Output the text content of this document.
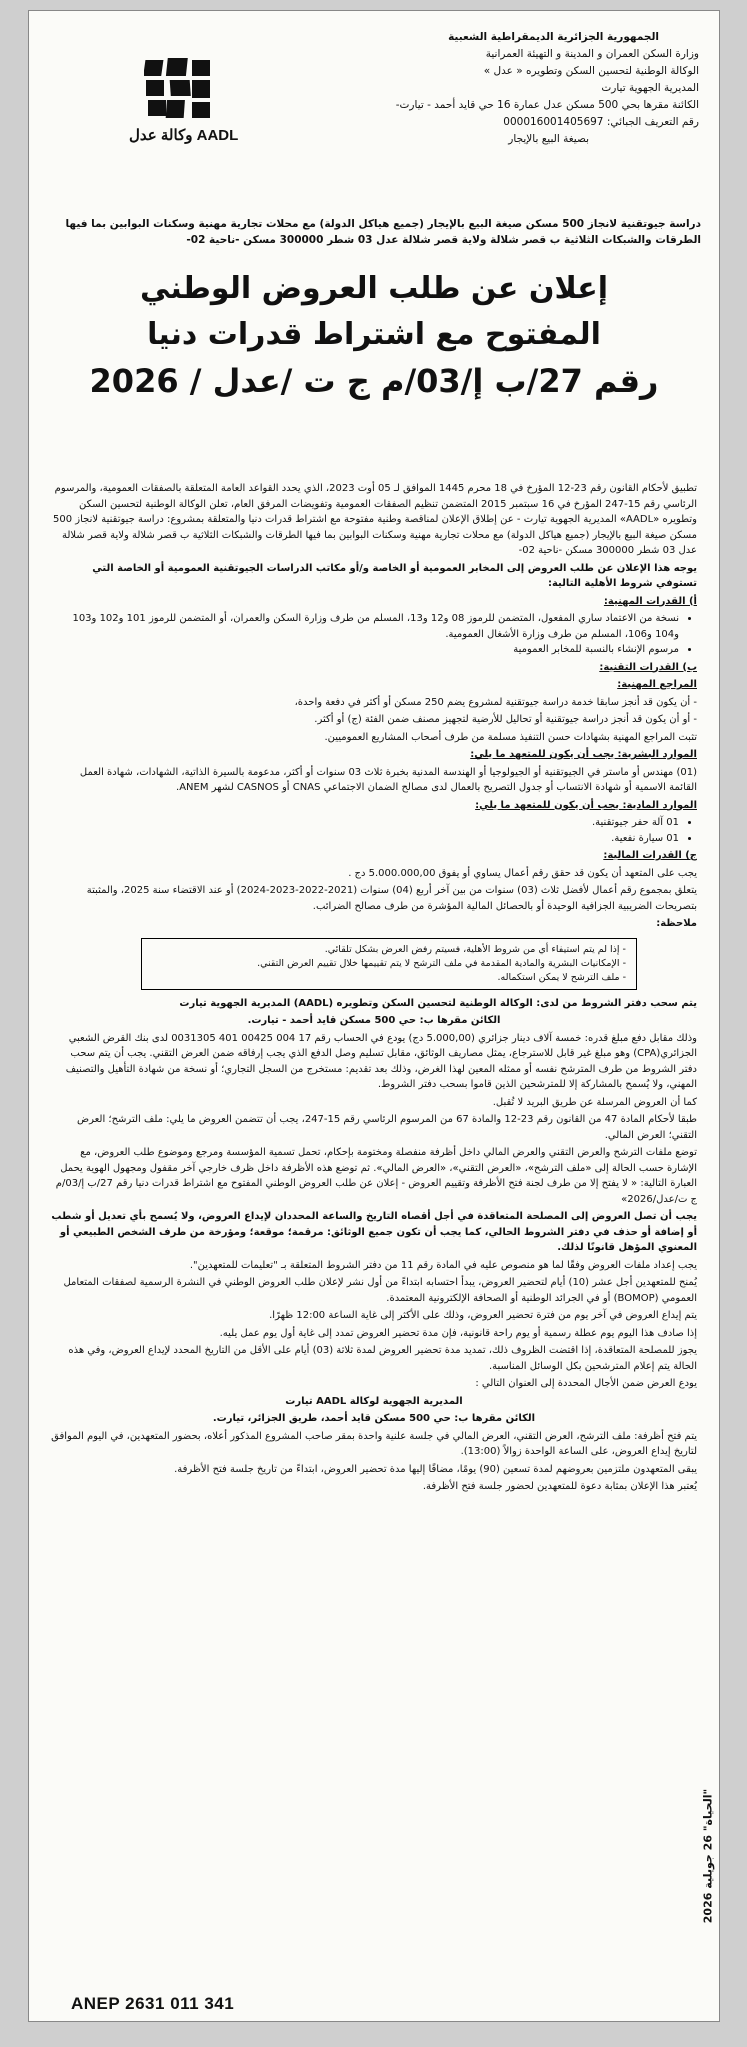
الجمهورية الجزائرية الديمقراطية الشعبية
وزارة السكن العمران و المدينة و التهيئة العمرانية
الوكالة الوطنية لتحسين السكن وتطويره « عدل »
المديرية الجهوية تيارت
الكائنة مقرها بحي 500 مسكن عدل عمارة 16 حي قايد أحمد - تيارت-
رقم التعريف الجبائي: 000016001405697
بصيغة البيع بالإيجار
وكالة عدل AADL
دراسة جيوتقنية لانجاز 500 مسكن صيغة البيع بالإيجار (جميع هياكل الدولة) مع محلات تجارية مهنية وسكنات البوابين بما فيها الطرقات والشبكات الثلاثية ب قصر شلالة ولاية قصر شلالة عدل 03 شطر 300000 مسكن -ناحية 02-
إعلان عن طلب العروض الوطني
المفتوح مع اشتراط قدرات دنيا
رقم 27/ب إ/03/م ج ت /عدل / 2026

تطبيق لأحكام القانون رقم 23-12 المؤرخ في 18 محرم 1445 الموافق لـ 05 أوت 2023، الذي يحدد القواعد العامة المتعلقة بالصفقات العمومية، والمرسوم الرئاسي رقم 15-247 المؤرخ في 16 سبتمبر 2015 المتضمن تنظيم الصفقات العمومية وتفويضات المرفق العام، تعلن الوكالة الوطنية لتحسين السكن وتطويره «AADL» المديرية الجهوية تيارت - عن إطلاق الإعلان لمناقصة وطنية مفتوحة مع اشتراط قدرات دنيا والمتعلقة بمشروع: دراسة جيوتقنية لانجاز 500 مسكن صيغة البيع بالإيجار (جميع هياكل الدولة) مع محلات تجارية مهنية وسكنات البوابين بما فيها الطرقات والشبكات الثلاثية ب قصر شلالة ولاية قصر شلالة عدل 03 شطر 300000 مسكن -ناحية 02-

يوجه هذا الإعلان عن طلب العروض إلى المخابر العمومية أو الخاصة و/أو مكاتب الدراسات الجيوتقنية العمومية أو الخاصة التي تستوفي شروط الأهلية التالية:

أ) القدرات المهنية:
• نسخة من الاعتماد ساري المفعول، المتضمن للرموز 08 و12 و13، المسلم من طرف وزارة السكن والعمران، أو المتضمن للرموز 101 و102 و103 و104 و106، المسلم من طرف وزارة الأشغال العمومية.
• مرسوم الإنشاء بالنسبة للمخابر العمومية
ب) القدرات التقنية:
المراجع المهنية:

- أن يكون قد أنجز سابقا خدمة دراسة جيوتقنية لمشروع يضم 250 مسكن أو أكثر في دفعة واحدة،

- أو أن يكون قد أنجز دراسة جيوتقنية أو تحاليل للأرضية لتجهيز مصنف ضمن الفئة (ج) أو أكثر.

تثبت المراجع المهنية بشهادات حسن التنفيذ مسلمة من طرف أصحاب المشاريع العموميين.

الموارد البشرية: يجب أن يكون للمتعهد ما يلي:

(01) مهندس أو ماستر في الجيوتقنية أو الجيولوجيا أو الهندسة المدنية بخبرة ثلاث 03 سنوات أو أكثر، مدعومة بالسيرة الذاتية، الشهادات، شهادة العمل القائمة الاسمية أو شهادة الانتساب أو جدول التصريح بالعمال لدى مصالح الضمان الاجتماعي CNAS أو CASNOS لشهر ANEM.

الموارد المادية: يجب أن يكون للمتعهد ما يلي:
• 01 آلة حفر جيوتقنية.
• 01 سيارة نفعية.
ج) القدرات المالية:

يجب على المتعهد أن يكون قد حقق رقم أعمال يساوي أو يفوق 5.000.000,00 دج .

يتعلق بمجموع رقم أعمال لأفضل ثلاث (03) سنوات من بين آخر أربع (04) سنوات (2021-2022-2023-2024) أو عند الاقتضاء سنة 2025، والمثبتة بتصريحات الضريبية الجزافية الوحيدة أو بالحصائل المالية المؤشرة من طرف مصالح الضرائب.

ملاحظة:

- إذا لم يتم استيفاء أي من شروط الأهلية، فسيتم رفض العرض بشكل تلقائي.
- الإمكانيات البشرية والمادية المقدمة في ملف الترشح لا يتم تقييمها خلال تقييم العرض التقني.
- ملف الترشح لا يمكن استكماله.

يتم سحب دفتر الشروط من لدى: الوكالة الوطنية لتحسين السكن وتطويره (AADL) المديرية الجهوية تيارت

الكائن مقرها ب: حي 500 مسكن قايد أحمد - تيارت.

وذلك مقابل دفع مبلغ قدره: خمسة آلاف دينار جزائري (5.000,00 دج) يودع في الحساب رقم 17 004 00425 401 0031305 لدى بنك القرض الشعبي الجزائري(CPA) وهو مبلغ غير قابل للاسترجاع، يمثل مصاريف الوثائق، مقابل تسليم وصل الدفع الذي يجب إرفاقه ضمن العرض التقني. يجب أن يتم سحب دفتر الشروط من طرف المترشح نفسه أو ممثله المعين لهذا الغرض، وذلك بعد تقديم: مستخرج من السجل التجاري؛ أو نسخة من شهادة التأهيل والتصنيف المهني، ولا يُسمح بالمشاركة إلا للمترشحين الذين قاموا بسحب دفتر الشروط.

كما أن العروض المرسلة عن طريق البريد لا تُقبل.

طبقا لأحكام المادة 47 من القانون رقم 23-12 والمادة 67 من المرسوم الرئاسي رقم 15-247، يجب أن تتضمن العروض ما يلي: ملف الترشح؛ العرض التقني؛ العرض المالي.

توضع ملفات الترشح والعرض التقني والعرض المالي داخل أظرفة منفصلة ومختومة بإحكام، تحمل تسمية المؤسسة ومرجع وموضوع طلب العروض، مع الإشارة حسب الحالة إلى «ملف الترشح»، «العرض التقني»، «العرض المالي». ثم توضع هذه الأظرفة داخل ظرف خارجي آخر مقفول ومجهول الهوية يحمل العبارة التالية: « لا يفتح إلا من طرف لجنة فتح الأظرفة وتقييم العروض - إعلان عن طلب العروض الوطني المفتوح مع اشتراط قدرات دنيا رقم 27/ب إ/03/م ج ت/عدل/2026»

يجب أن تصل العروض إلى المصلحة المتعاقدة في أجل أقصاه التاريخ والساعة المحددان لإيداع العروض، ولا يُسمح بأي تعديل أو شطب أو إضافة أو حذف في دفتر الشروط الحالي، كما يجب أن تكون جميع الوثائق: مرقمة؛ موقعة؛ ومؤرخة من طرف الشخص الطبيعي أو المعنوي المؤهل قانونًا لذلك.

يجب إعداد ملفات العروض وفقًا لما هو منصوص عليه في المادة رقم 11 من دفتر الشروط المتعلقة بـ "تعليمات للمتعهدين".

يُمنح للمتعهدين أجل عشر (10) أيام لتحضير العروض، يبدأ احتسابه ابتداءً من أول نشر لإعلان طلب العروض الوطني في النشرة الرسمية لصفقات المتعامل العمومي (BOMOP) أو في الجرائد الوطنية أو الصحافة الإلكترونية المعتمدة.

يتم إيداع العروض في آخر يوم من فترة تحضير العروض، وذلك على الأكثر إلى غاية الساعة 12:00 ظهرًا.

إذا صادف هذا اليوم يوم عطلة رسمية أو يوم راحة قانونية، فإن مدة تحضير العروض تمدد إلى غاية أول يوم عمل يليه.

يجوز للمصلحة المتعاقدة، إذا اقتضت الظروف ذلك، تمديد مدة تحضير العروض لمدة ثلاثة (03) أيام على الأقل من التاريخ المحدد لإيداع العروض، وفي هذه الحالة يتم إعلام المترشحين بكل الوسائل المناسبة.

يودع العرض ضمن الأجال المحددة إلى العنوان التالي :

المديرية الجهوية لوكالة AADL تيارت

الكائن مقرها ب: حي 500 مسكن قايد أحمد، طريق الجزائر، تيارت.

يتم فتح أظرفة: ملف الترشح، العرض التقني، العرض المالي في جلسة علنية واحدة بمقر صاحب المشروع المذكور أعلاه، بحضور المتعهدين، في اليوم الموافق لتاريخ إيداع العروض، على الساعة الواحدة زوالاً (13:00).

يبقى المتعهدون ملتزمين بعروضهم لمدة تسعين (90) يومًا، مضافًا إليها مدة تحضير العروض، ابتداءً من تاريخ جلسة فتح الأظرفة.

يُعتبر هذا الإعلان بمثابة دعوة للمتعهدين لحضور جلسة فتح الأظرفة.

"الحياة" 26 جويلية 2026
ANEP 2631 011 341
